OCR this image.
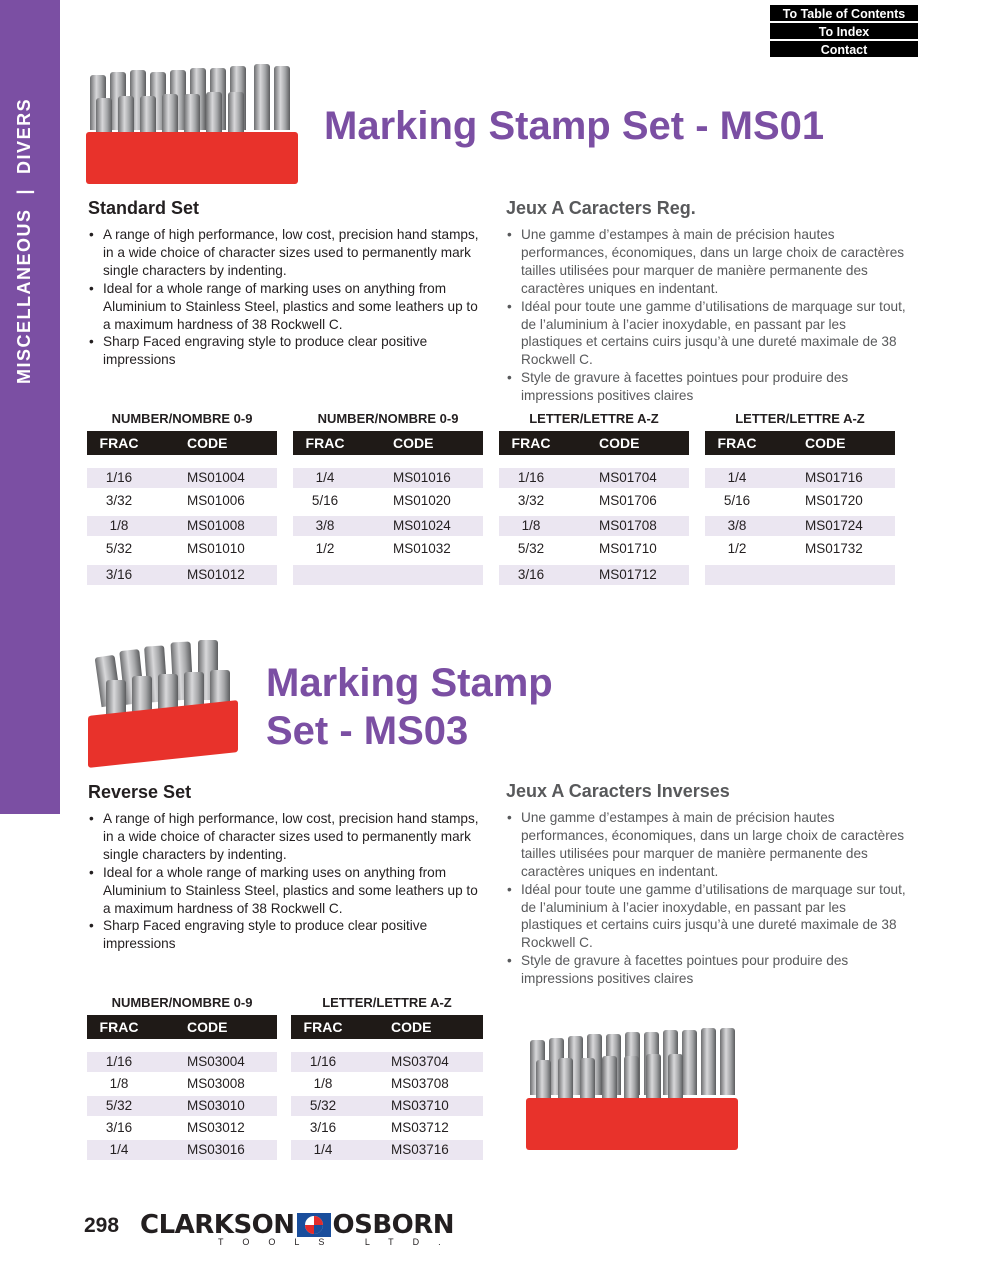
MISCELLANEOUS
|
DIVERS
To Table of Contents
To Index
Contact
Marking Stamp Set - MS01
Standard Set
• A range of high performance, low cost, precision hand stamps, in a wide choice of character sizes used to permanently mark single characters by indenting.
• Ideal for a whole range of marking uses on anything from Aluminium to Stainless Steel, plastics and some leathers up to a maximum hardness of 38 Rockwell C.
• Sharp Faced engraving style to produce clear positive impressions
Jeux A Caracters Reg.
• Une gamme d’estampes à main de précision hautes performances, économiques, dans un large choix de caractères tailles utilisées pour marquer de manière permanente des caractères uniques en indentant.
• Idéal pour toute une gamme d’utilisations de marquage sur tout, de l’aluminium à l’acier inoxydable, en passant par les plastiques et certains cuirs jusqu’à une dureté maximale de 38 Rockwell C.
• Style de gravure à facettes pointues pour produire des impressions positives claires
NUMBER/NOMBRE 0-9
FRAC	CODE
1/16	MS01004
3/32	MS01006
1/8	MS01008
5/32	MS01010
3/16	MS01012
NUMBER/NOMBRE 0-9
FRAC	CODE
1/4	MS01016
5/16	MS01020
3/8	MS01024
1/2	MS01032
LETTER/LETTRE A-Z
FRAC	CODE
1/16	MS01704
3/32	MS01706
1/8	MS01708
5/32	MS01710
3/16	MS01712
LETTER/LETTRE A-Z
FRAC	CODE
1/4	MS01716
5/16	MS01720
3/8	MS01724
1/2	MS01732
Marking Stamp
Set - MS03
Reverse Set
• A range of high performance, low cost, precision hand stamps, in a wide choice of character sizes used to permanently mark single characters by indenting.
• Ideal for a whole range of marking uses on anything from Aluminium to Stainless Steel, plastics and some leathers up to a maximum hardness of 38 Rockwell C.
• Sharp Faced engraving style to produce clear positive impressions
Jeux A Caracters Inverses
• Une gamme d’estampes à main de précision hautes performances, économiques, dans un large choix de caractères tailles utilisées pour marquer de manière permanente des caractères uniques en indentant.
• Idéal pour toute une gamme d’utilisations de marquage sur tout, de l’aluminium à l’acier inoxydable, en passant par les plastiques et certains cuirs jusqu’à une dureté maximale de 38 Rockwell C.
• Style de gravure à facettes pointues pour produire des impressions positives claires
NUMBER/NOMBRE 0-9
FRAC	CODE
1/16	MS03004
1/8	MS03008
5/32	MS03010
3/16	MS03012
1/4	MS03016
LETTER/LETTRE A-Z
FRAC	CODE
1/16	MS03704
1/8	MS03708
5/32	MS03710
3/16	MS03712
1/4	MS03716
298 CLARKSON OSBORN
TOOLS LTD.
